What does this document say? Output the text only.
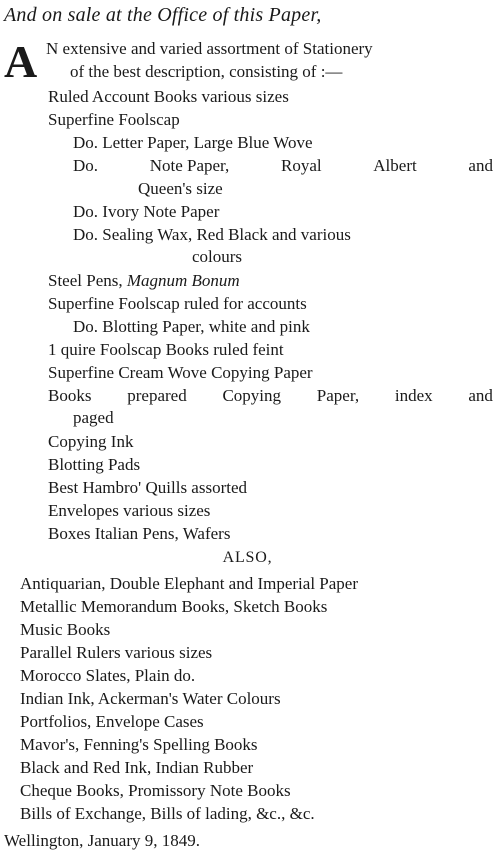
And on sale at the Office of this Paper,
A N extensive and varied assortment of Stationery
of the best description, consisting of :—
Ruled Account Books various sizes
Superfine Foolscap
Do. Letter Paper, Large Blue Wove
Do.	Note Paper,	Royal	Albert	and
Queen's size
Do. Ivory Note Paper
Do. Sealing Wax, Red Black and various
colours
Steel Pens, Magnum Bonum
Superfine Foolscap ruled for accounts
Do. Blotting Paper, white and pink
1 quire Foolscap Books ruled feint
Superfine Cream Wove Copying Paper
Books prepared Copying Paper, index and
paged
Copying Ink
Blotting Pads
Best Hambro' Quills assorted
Envelopes various sizes
Boxes Italian Pens, Wafers
ALSO,
Antiquarian, Double Elephant and Imperial Paper
Metallic Memorandum Books, Sketch Books
Music Books
Parallel Rulers various sizes
Morocco Slates, Plain do.
Indian Ink, Ackerman's Water Colours
Portfolios, Envelope Cases
Mavor's, Fenning's Spelling Books
Black and Red Ink, Indian Rubber
Cheque Books, Promissory Note Books
Bills of Exchange, Bills of lading, &c., &c.
Wellington, January 9, 1849.
